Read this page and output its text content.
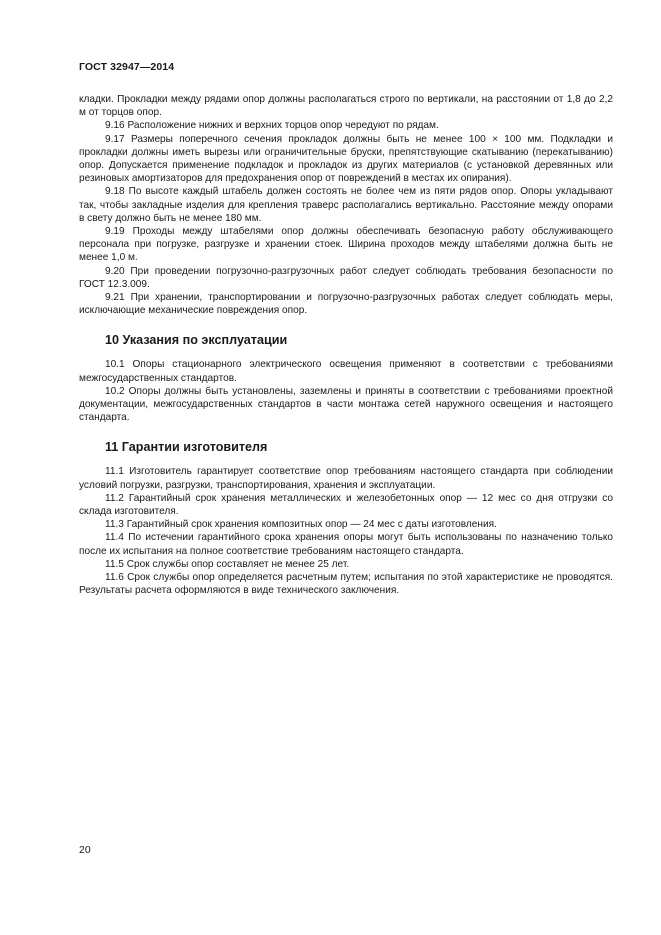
ГОСТ 32947—2014

кладки. Прокладки между рядами опор должны располагаться строго по вертикали, на расстоянии от 1,8 до 2,2 м от торцов опор.

9.16 Расположение нижних и верхних торцов опор чередуют по рядам.

9.17 Размеры поперечного сечения прокладок должны быть не менее 100 × 100 мм. Подкладки и прокладки должны иметь вырезы или ограничительные бруски, препятствующие скатыванию (перекатыванию) опор. Допускается применение подкладок и прокладок из других материалов (с установкой деревянных или резиновых амортизаторов для предохранения опор от повреждений в местах их опирания).

9.18 По высоте каждый штабель должен состоять не более чем из пяти рядов опор. Опоры укладывают так, чтобы закладные изделия для крепления траверс располагались вертикально. Расстояние между опорами в свету должно быть не менее 180 мм.

9.19 Проходы между штабелями опор должны обеспечивать безопасную работу обслуживающего персонала при погрузке, разгрузке и хранении стоек. Ширина проходов между штабелями должна быть не менее 1,0 м.

9.20 При проведении погрузочно-разгрузочных работ следует соблюдать требования безопасности по ГОСТ 12.3.009.

9.21 При хранении, транспортировании и погрузочно-разгрузочных работах следует соблюдать меры, исключающие механические повреждения опор.

10 Указания по эксплуатации

10.1 Опоры стационарного электрического освещения применяют в соответствии с требованиями межгосударственных стандартов.

10.2 Опоры должны быть установлены, заземлены и приняты в соответствии с требованиями проектной документации, межгосударственных стандартов в части монтажа сетей наружного освещения и настоящего стандарта.

11 Гарантии изготовителя

11.1 Изготовитель гарантирует соответствие опор требованиям настоящего стандарта при соблюдении условий погрузки, разгрузки, транспортирования, хранения и эксплуатации.

11.2 Гарантийный срок хранения металлических и железобетонных опор — 12 мес со дня отгрузки со склада изготовителя.

11.3 Гарантийный срок хранения композитных опор — 24 мес с даты изготовления.

11.4 По истечении гарантийного срока хранения опоры могут быть использованы по назначению только после их испытания на полное соответствие требованиям настоящего стандарта.

11.5 Срок службы опор составляет не менее 25 лет.

11.6 Срок службы опор определяется расчетным путем; испытания по этой характеристике не проводятся. Результаты расчета оформляются в виде технического заключения.

20
